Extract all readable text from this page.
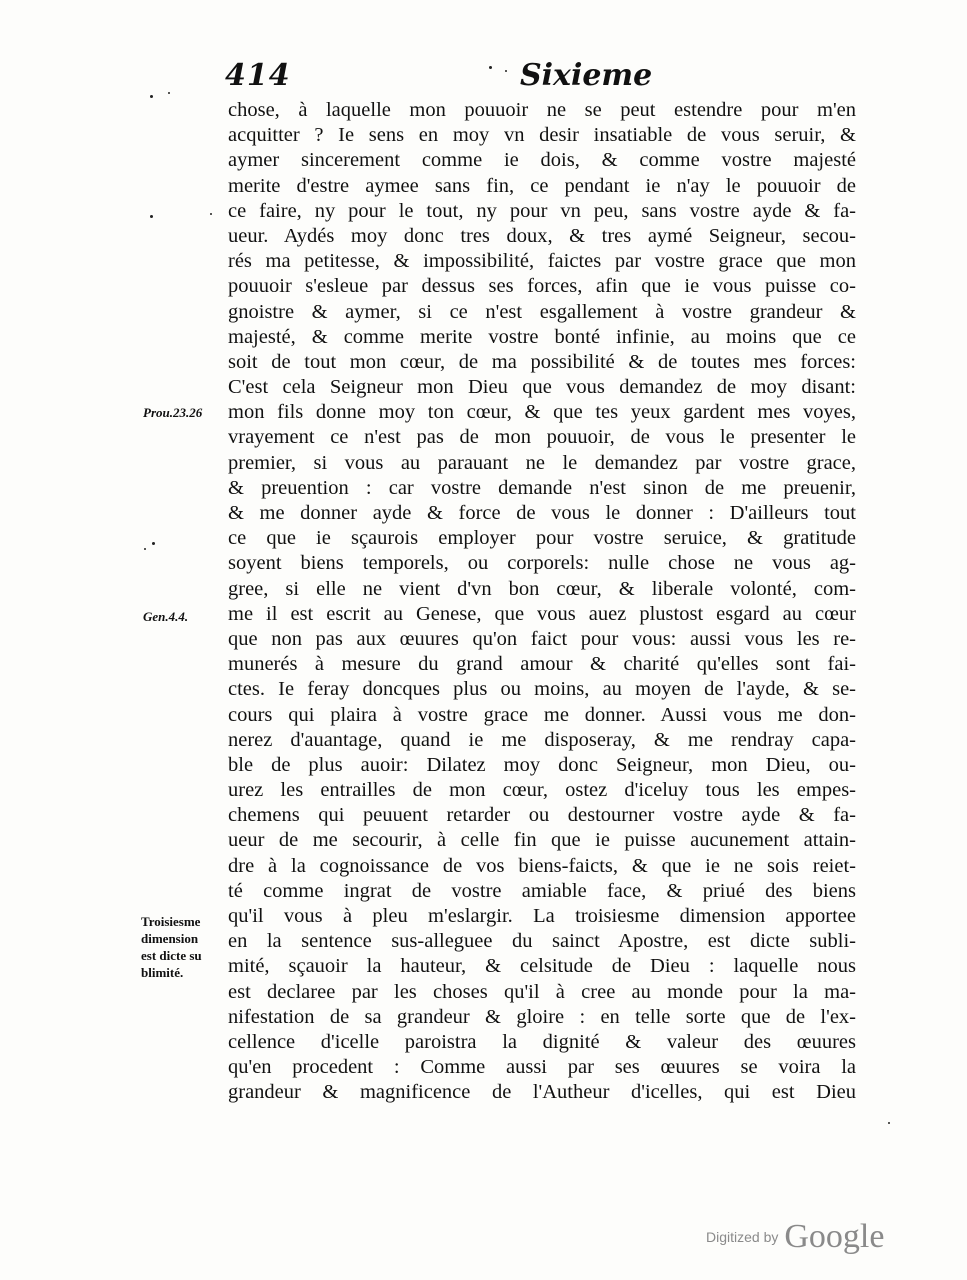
414	Sixieme
Prou.23.26
Gen.4.4.
Troisiesme
dimension
est dicte su
blimité.
chose, à laquelle mon pouuoir ne se peut estendre pour m'en
acquitter ? Ie sens en moy vn desir insatiable de vous seruir, &
aymer sincerement comme ie dois, & comme vostre majesté
merite d'estre aymee sans fin, ce pendant ie n'ay le pouuoir de
ce faire, ny pour le tout, ny pour vn peu, sans vostre ayde & fa-
ueur. Aydés moy donc tres doux, & tres aymé Seigneur, secou-
rés ma petitesse, & impossibilité, faictes par vostre grace que mon
pouuoir s'esleue par dessus ses forces, afin que ie vous puisse co-
gnoistre & aymer, si ce n'est esgallement à vostre grandeur &
majesté, & comme merite vostre bonté infinie, au moins que ce
soit de tout mon cœur, de ma possibilité & de toutes mes forces:
C'est cela Seigneur mon Dieu que vous demandez de moy disant:
mon fils donne moy ton cœur, & que tes yeux gardent mes voyes,
vrayement ce n'est pas de mon pouuoir, de vous le presenter le
premier, si vous au parauant ne le demandez par vostre grace,
& preuention : car vostre demande n'est sinon de me preuenir,
& me donner ayde & force de vous le donner : D'ailleurs tout
ce que ie sçaurois employer pour vostre seruice, & gratitude
soyent biens temporels, ou corporels: nulle chose ne vous ag-
gree, si elle ne vient d'vn bon cœur, & liberale volonté, com-
me il est escrit au Genese, que vous auez plustost esgard au cœur
que non pas aux œuures qu'on faict pour vous: aussi vous les re-
munerés à mesure du grand amour & charité qu'elles sont fai-
ctes. Ie feray doncques plus ou moins, au moyen de l'ayde, & se-
cours qui plaira à vostre grace me donner. Aussi vous me don-
nerez d'auantage, quand ie me disposeray, & me rendray capa-
ble de plus auoir: Dilatez moy donc Seigneur, mon Dieu, ou-
urez les entrailles de mon cœur, ostez d'iceluy tous les empes-
chemens qui peuuent retarder ou destourner vostre ayde & fa-
ueur de me secourir, à celle fin que ie puisse aucunement attain-
dre à la cognoissance de vos biens-faicts, & que ie ne sois reiet-
té comme ingrat de vostre amiable face, & priué des biens
qu'il vous à pleu m'eslargir. La troisiesme dimension apportee
en la sentence sus-alleguee du sainct Apostre, est dicte subli-
mité, sçauoir la hauteur, & celsitude de Dieu : laquelle nous
est declaree par les choses qu'il à cree au monde pour la ma-
nifestation de sa grandeur & gloire : en telle sorte que de l'ex-
cellence d'icelle paroistra la dignité & valeur des œuures
qu'en procedent : Comme aussi par ses œuures se voira la
grandeur & magnificence de l'Autheur d'icelles, qui est Dieu
Digitized by Google
